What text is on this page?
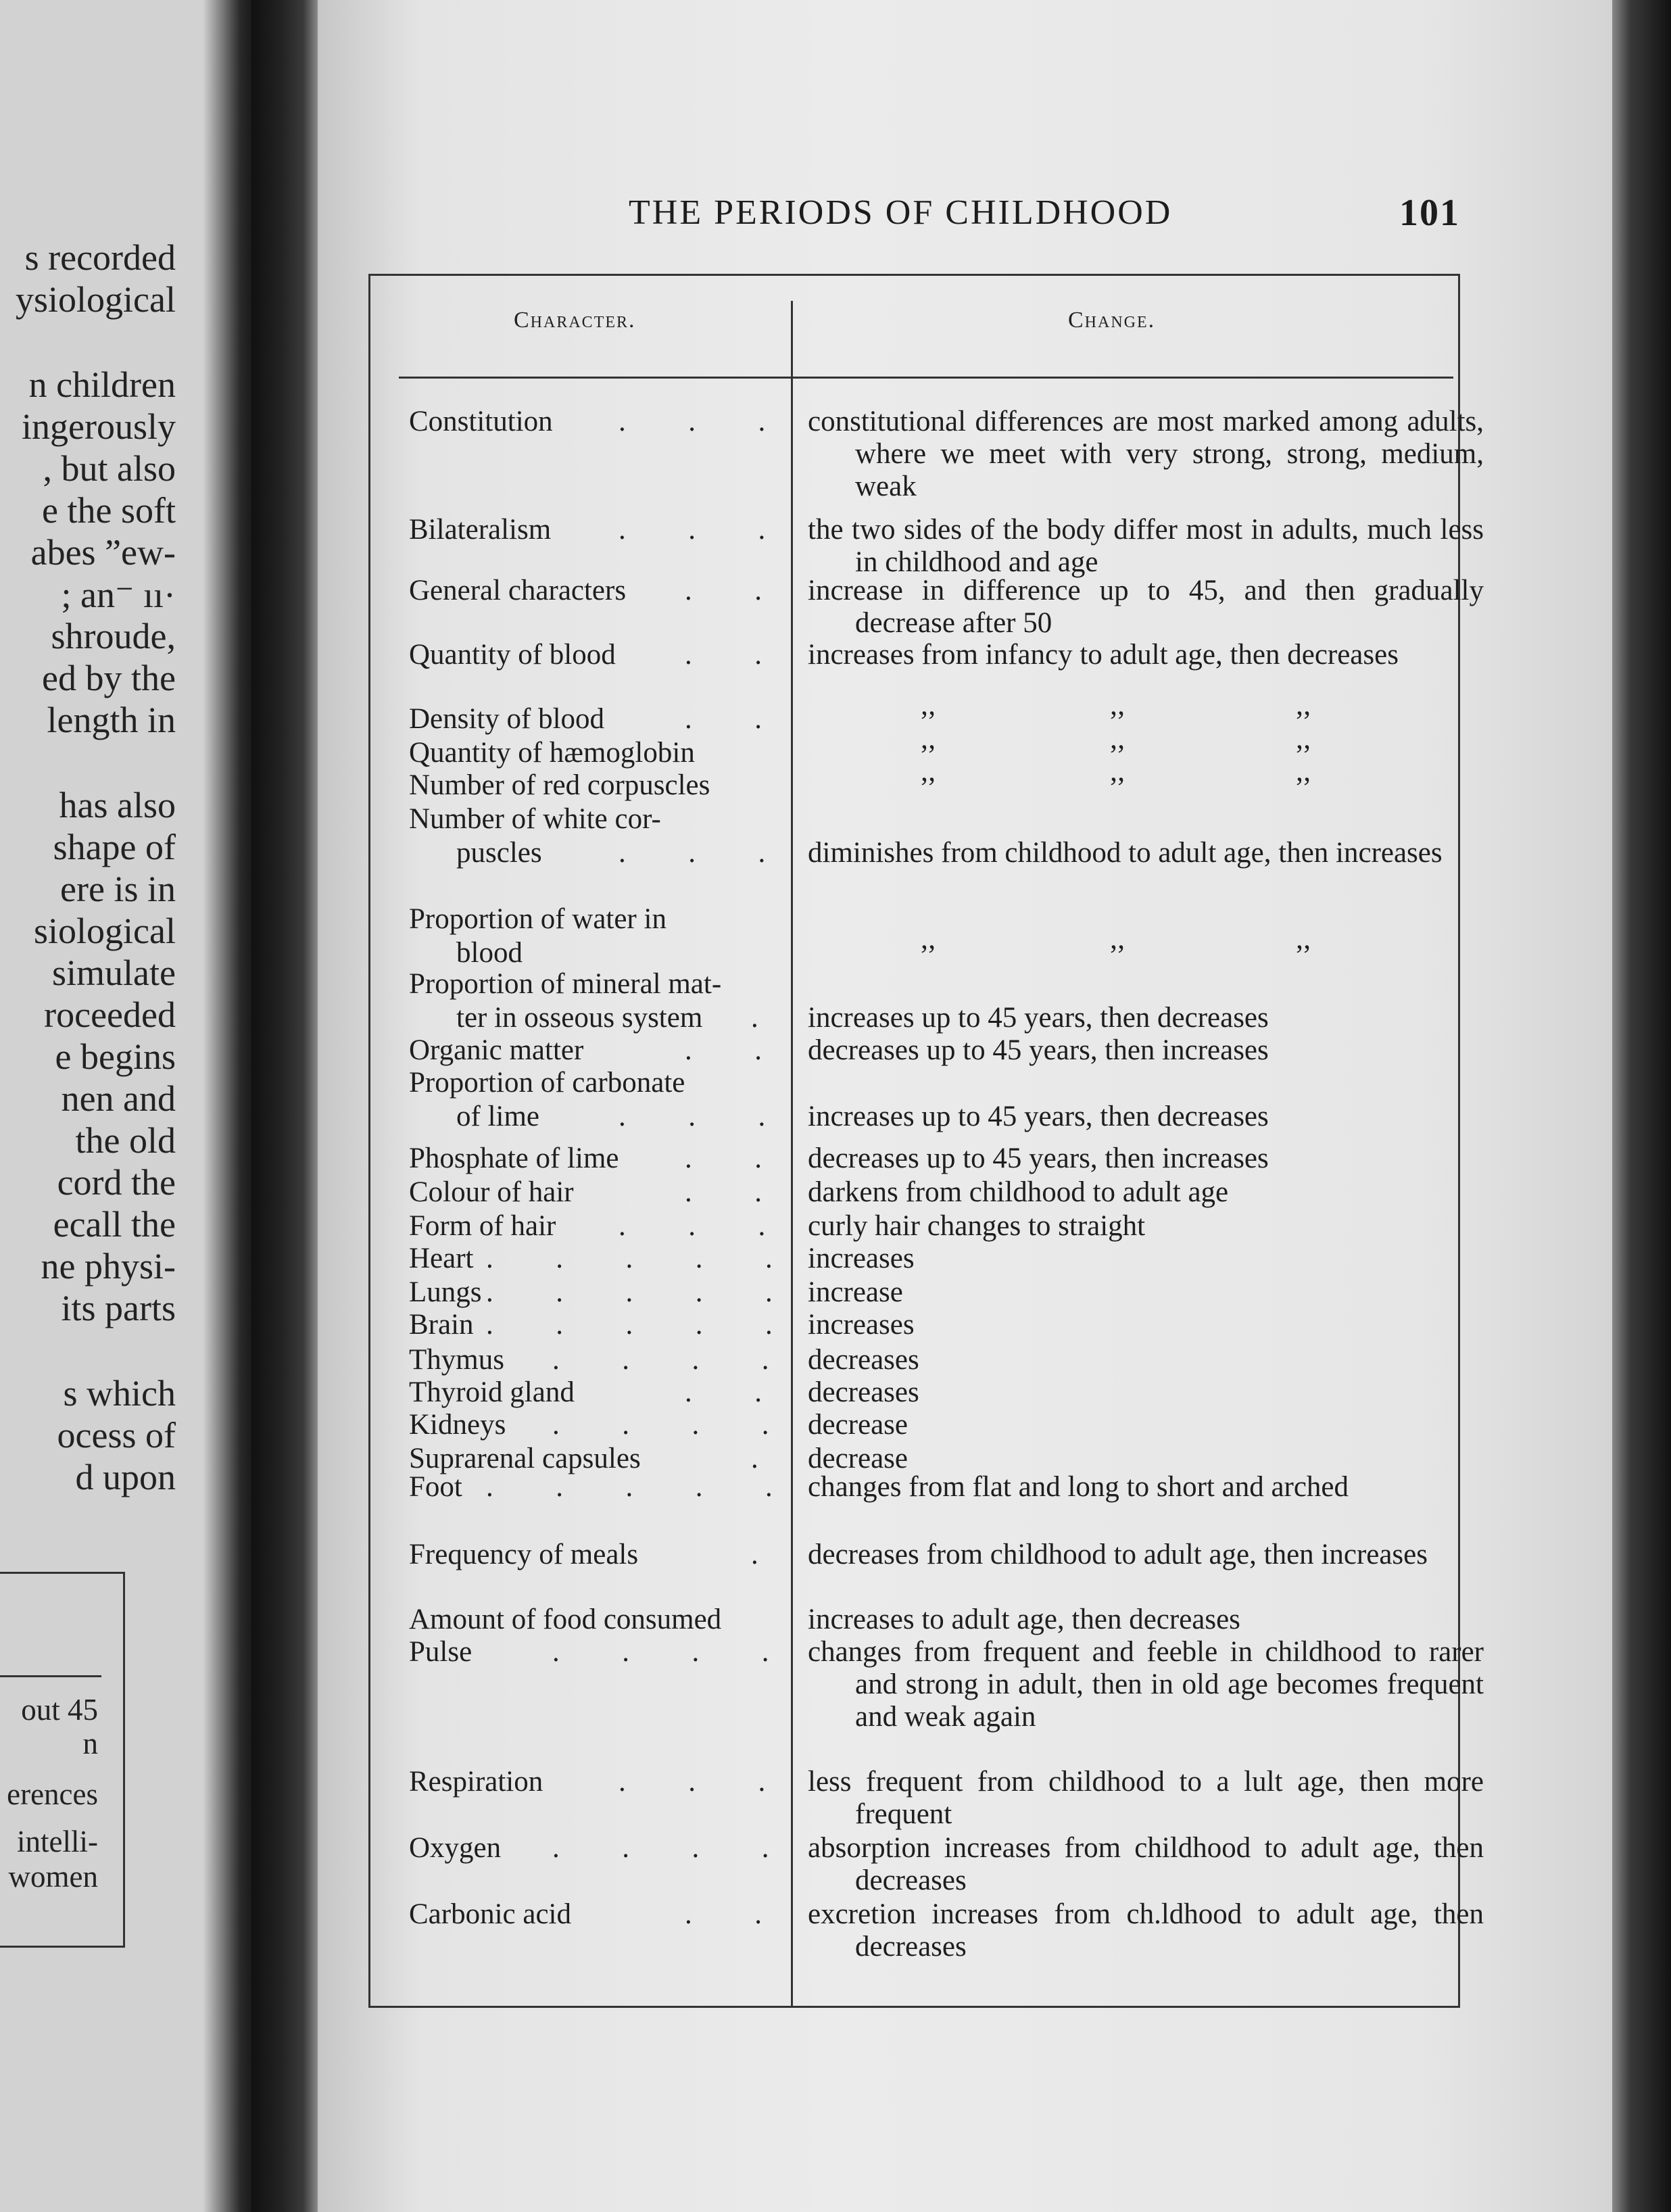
s recorded
ysiological
n children
ingerously
, but also
e the soft
abes ”ew-
; an⁻ ıı·
shroude,
ed by the
length in
has also
shape of
ere is in
siological
simulate
roceeded
e begins
nen and
the old
cord the
ecall the
ne physi-
its parts
s which
ocess of
d upon
out 45
n
erences
intelli-
women
THE PERIODS OF CHILDHOOD	101
Character.	Change.
Constitution .      .      . constitutional differences are most marked among adults, where we meet with very strong, strong, medium, weak
Bilateralism .      .      . the two sides of the body differ most in adults, much less in childhood and age
General characters .      . increase in difference up to 45, and then gradually decrease after 50
Quantity of blood .      . increases from infancy to adult age, then decreases
Density of blood	.      .	’’	’’	’’
Quantity of hæmoglobin	’’	’’	’’
Number of red corpuscles	’’	’’	’’
Number of white cor-
puscles	.      .      . diminishes from childhood to adult age, then increases
Proportion of water in
blood	’’	’’	’’
Proportion of mineral mat-
ter in osseous system . increases up to 45 years, then decreases
Organic matter	.      . decreases up to 45 years, then increases
Proportion of carbonate
of lime	.      .      . increases up to 45 years, then decreases
Phosphate of lime .      . decreases up to 45 years, then increases
Colour of hair	.      . darkens from childhood to adult age
Form of hair .      .      . curly hair changes to straight
Heart .      .      .      .      . increases
Lungs .      .      .      .      . increase
Brain .      .      .      .      . increases
Thymus .      .      .      . decreases
Thyroid gland	.      . decreases
Kidneys .      .      .      . decrease
Suprarenal capsules	. decrease
Foot .      .      .      .      . changes from flat and long to short and arched
Frequency of meals	. decreases from childhood to adult age, then increases
Amount of food consumed	increases to adult age, then decreases
Pulse	.      .      .      . changes from frequent and feeble in childhood to rarer and strong in adult, then in old age becomes frequent and weak again
Respiration	.      .      . less frequent from childhood to a lult age, then more frequent
Oxygen .      .      .      . absorption increases from childhood to adult age, then decreases
Carbonic acid	.      . excretion increases from ch.ldhood to adult age, then decreases
